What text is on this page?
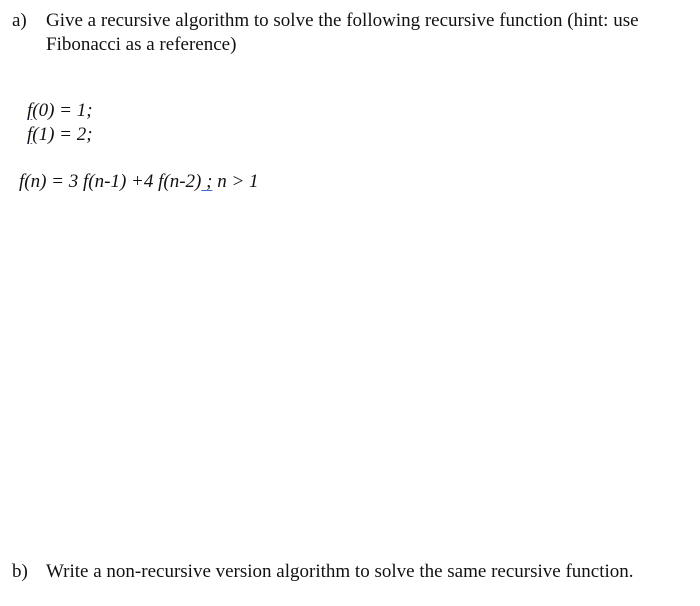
a) Give a recursive algorithm to solve the following recursive function (hint: use
Fibonacci as a reference)
f(0) = 1;
f(1) = 2;
f(n) = 3 f(n-1) +4 f(n-2) ; n > 1
b) Write a non-recursive version algorithm to solve the same recursive function.
